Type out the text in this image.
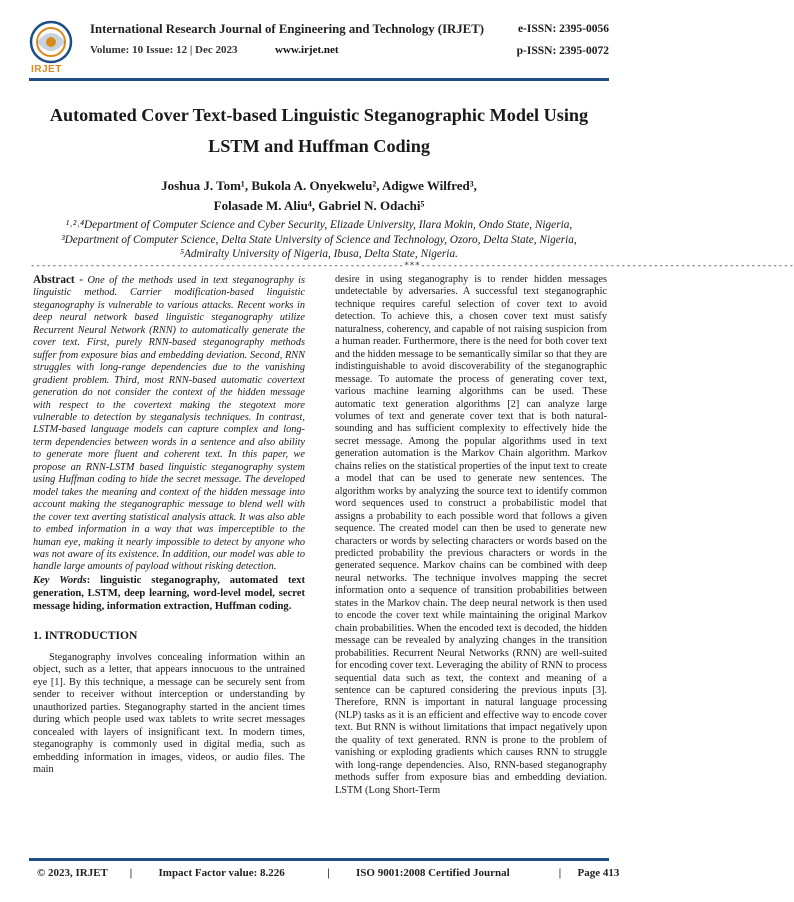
IRJET
International Research Journal of Engineering and Technology (IRJET)	e-ISSN: 2395-0056
Volume: 10 Issue: 12 | Dec 2023	www.irjet.net	p-ISSN: 2395-0072
Automated Cover Text-based Linguistic Steganographic Model Using LSTM and Huffman Coding
Joshua J. Tom¹, Bukola A. Onyekwelu², Adigwe Wilfred³,
Folasade M. Aliu⁴, Gabriel N. Odachi⁵
¹˒²˒⁴Department of Computer Science and Cyber Security, Elizade University, Ilara Mokin, Ondo State, Nigeria,
³Department of Computer Science, Delta State University of Science and Technology, Ozoro, Delta State, Nigeria,
⁵Admiralty University of Nigeria, Ibusa, Delta State, Nigeria.
---------------------------------------------------------------------***---------------------------------------------------------------------

Abstract - One of the methods used in text steganography is linguistic method. Carrier modification-based linguistic steganography is vulnerable to various attacks. Recent works in deep neural network based linguistic steganography utilize Recurrent Neural Network (RNN) to automatically generate the cover text. First, purely RNN-based steganography methods suffer from exposure bias and embedding deviation. Second, RNN struggles with long-range dependencies due to the vanishing gradient problem. Third, most RNN-based automatic covertext generation do not consider the context of the hidden message with respect to the covertext making the stegotext more vulnerable to detection by steganalysis techniques. In contrast, LSTM-based language models can capture complex and long-term dependencies between words in a sentence and also ability to generate more fluent and coherent text. In this paper, we propose an RNN-LSTM based linguistic steganography system using Huffman coding to hide the secret message. The developed model takes the meaning and context of the hidden message into account making the steganographic message to blend well with the cover text averting statistical analysis attack. It was also able to embed information in a way that was imperceptible to the human eye, making it nearly impossible to detect by anyone who was not aware of its existence. In addition, our model was able to handle large amounts of payload without risking detection.

Key Words: linguistic steganography, automated text generation, LSTM, deep learning, word-level model, secret message hiding, information extraction, Huffman coding.

1. INTRODUCTION

Steganography involves concealing information within an object, such as a letter, that appears innocuous to the untrained eye [1]. By this technique, a message can be securely sent from sender to receiver without interception or understanding by unauthorized parties. Steganography started in the ancient times during which people used wax tablets to write secret messages concealed with layers of insignificant text. In modern times, steganography is commonly used in digital media, such as embedding information in images, videos, or audio files. The main

desire in using steganography is to render hidden messages undetectable by adversaries. A successful text steganographic technique requires careful selection of cover text to avoid detection. To achieve this, a chosen cover text must satisfy naturalness, coherency, and capable of not raising suspicion from a human reader. Furthermore, there is the need for both cover text and the hidden message to be semantically similar so that they are indistinguishable to avoid discoverability of the steganographic message. To automate the process of generating cover text, various machine learning algorithms can be used. These automatic text generation algorithms [2] can analyze large volumes of text and generate cover text that is both natural-sounding and has sufficient complexity to effectively hide the secret message. Among the popular algorithms used in text generation automation is the Markov Chain algorithm. Markov chains relies on the statistical properties of the input text to create a model that can be used to generate new sentences. The algorithm works by analyzing the source text to identify common word sequences used to construct a probabilistic model that assigns a probability to each possible word that follows a given sequence. The created model can then be used to generate new characters or words by selecting characters or words based on the predicted probability the previous characters or words in the generated sequence. Markov chains can be combined with deep neural networks. The technique involves mapping the secret information onto a sequence of transition probabilities between states in the Markov chain. The deep neural network is then used to encode the cover text while maintaining the original Markov chain probabilities. When the encoded text is decoded, the hidden message can be revealed by analyzing changes in the transition probabilities. Recurrent Neural Networks (RNN) are well-suited for encoding cover text. Leveraging the ability of RNN to process sequential data such as text, the context and meaning of a sentence can be captured considering the previous inputs [3]. Therefore, RNN is important in natural language processing (NLP) tasks as it is an efficient and effective way to encode cover text. But RNN is without limitations that impact negatively upon the quality of text generated. RNN is prone to the problem of vanishing or exploding gradients which causes RNN to struggle with long-range dependencies. Also, RNN-based steganography methods suffer from exposure bias and embedding deviation. LSTM (Long Short-Term

© 2023, IRJET | Impact Factor value: 8.226	| ISO 9001:2008 Certified Journal	| Page 413
